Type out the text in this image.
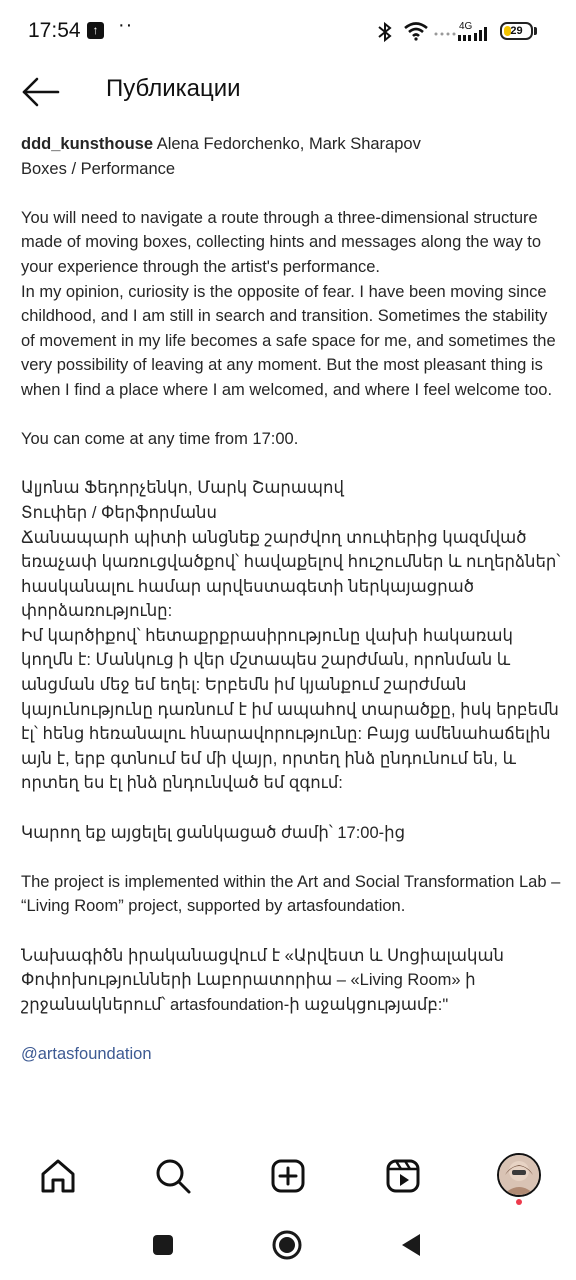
17:54 ↑ ··	4G	29
Публикации

ddd_kunsthouse Alena Fedorchenko, Mark Sharapov

Boxes / Performance

You will need to navigate a route through a three-dimensional structure made of moving boxes, collecting hints and messages along the way to your experience through the artist's performance.

In my opinion, curiosity is the opposite of fear. I have been moving since childhood, and I am still in search and transition. Sometimes the stability of movement in my life becomes a safe space for me, and sometimes the very possibility of leaving at any moment. But the most pleasant thing is when I find a place where I am welcomed, and where I feel welcome too.

You can come at any time from 17:00.

Ալյոնա Ֆեդորչենկո, Մարկ Շարապով

Տուփեր / Փերֆորմանս

Ճանապարհ պիտի անցնեք շարժվող տուփերից կազմված եռաչափ կառուցվածքով՝ հավաքելով հուշումներ և ուղերձներ՝ հասկանալու համար արվեստագետի ներկայացրած փորձառությունը:

Իմ կարծիքով՝ հետաքրքրասիրությունը վախի հակառակ կողմն է: Մանկուց ի վեր մշտապես շարժման, որոնման և անցման մեջ եմ եղել: Երբեմն իմ կյանքում շարժման կայունությունը դառնում է իմ ապահով տարածքը, իսկ երբեմն էլ՝ հենց հեռանալու հնարավորությունը: Բայց ամենահաճելին այն է, երբ գտնում եմ մի վայր, որտեղ ինձ ընդունում են, և որտեղ ես էլ ինձ ընդունված եմ զգում:

Կարող եք այցելել ցանկացած ժամի՝ 17:00-ից

The project is implemented within the Art and Social Transformation Lab – “Living Room” project, supported by artasfoundation.

Նախագիծն իրականացվում է «Արվեստ և Սոցիալական Փոփոխությունների Լաբորատորիա – «Living Room» ի շրջանակներում՝ artasfoundation-ի աջակցությամբ:"

@artasfoundation
